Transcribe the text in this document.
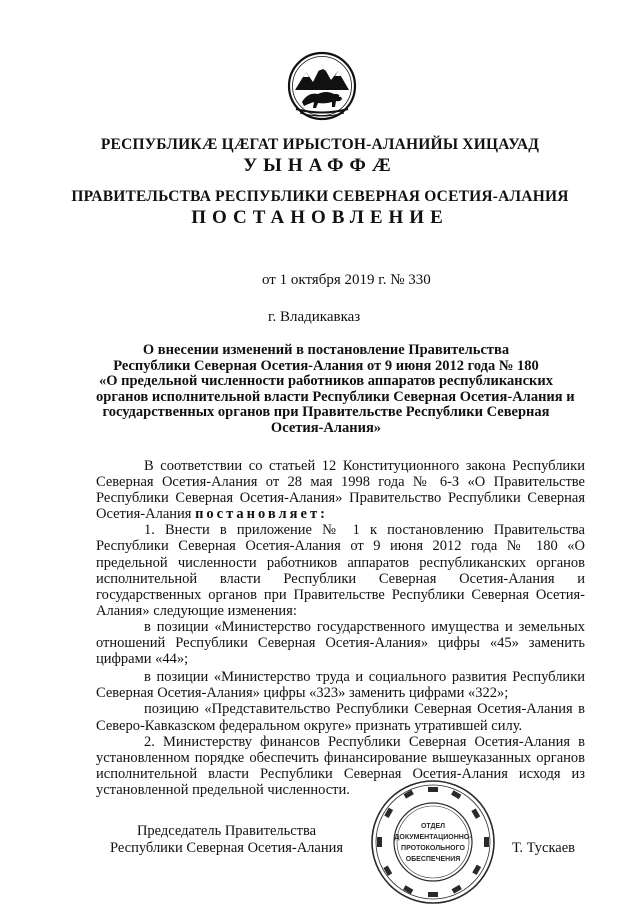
РЕСПУБЛИКÆ ЦÆГАТ ИРЫСТОН-АЛАНИЙЫ ХИЦАУАД
УЫНАФФÆ
ПРАВИТЕЛЬСТВА РЕСПУБЛИКИ СЕВЕРНАЯ ОСЕТИЯ-АЛАНИЯ
ПОСТАНОВЛЕНИЕ
от 1 октября 2019 г. № 330
г. Владикавказ
О внесении изменений в постановление Правительства
Республики Северная Осетия-Алания от 9 июня 2012 года № 180
«О предельной численности работников аппаратов республиканских
органов исполнительной власти Республики Северная Осетия-Алания и
государственных органов при Правительстве Республики Северная
Осетия-Алания»

В соответствии со статьей 12 Конституционного закона Республики Северная Осетия-Алания от 28 мая 1998 года № 6-З «О Правительстве Республики Северная Осетия-Алания» Правительство Республики Северная Осетия-Алания постановляет:

1. Внести в приложение № 1 к постановлению Правительства Республики Северная Осетия-Алания от 9 июня 2012 года № 180 «О предельной численности работников аппаратов республиканских органов исполнительной власти Республики Северная Осетия-Алания и государственных органов при Правительстве Республики Северная Осетия-Алания» следующие изменения:

в позиции «Министерство государственного имущества и земельных отношений Республики Северная Осетия-Алания» цифры «45» заменить цифрами «44»;

в позиции «Министерство труда и социального развития Республики Северная Осетия-Алания» цифры «323» заменить цифрами «322»;

позицию «Представительство Республики Северная Осетия-Алания в Северо-Кавказском федеральном округе» признать утратившей силу.

2. Министерству финансов Республики Северная Осетия-Алания в установленном порядке обеспечить финансирование вышеуказанных органов исполнительной власти Республики Северная Осетия-Алания исходя из установленной предельной численности.

ОТДЕЛ
ДОКУМЕНТАЦИОННО-
ПРОТОКОЛЬНОГО
ОБЕСПЕЧЕНИЯ
Председатель Правительства
Республики Северная Осетия-Алания	Т. Тускаев
